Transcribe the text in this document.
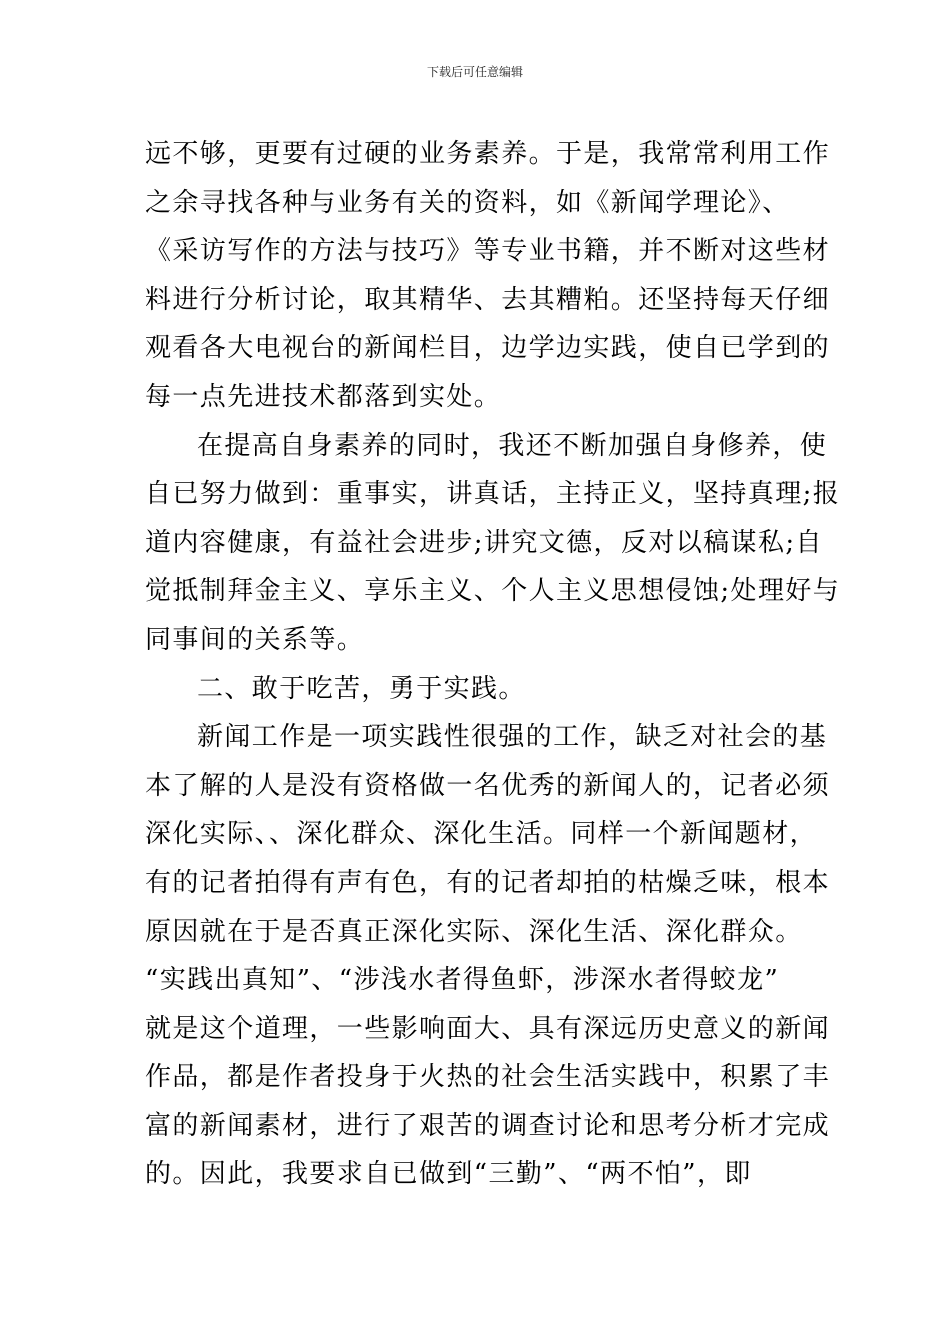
下载后可任意编辑
远不够，更要有过硬的业务素养。于是，我常常利用工作
之余寻找各种与业务有关的资料，如《新闻学理论》、
《采访写作的方法与技巧》等专业书籍，并不断对这些材
料进行分析讨论，取其精华、去其糟粕。还坚持每天仔细
观看各大电视台的新闻栏目，边学边实践，使自已学到的
每一点先进技术都落到实处。
在提高自身素养的同时，我还不断加强自身修养，使
自已努力做到：重事实，讲真话，主持正义，坚持真理;报
道内容健康，有益社会进步;讲究文德，反对以稿谋私;自
觉抵制拜金主义、享乐主义、个人主义思想侵蚀;处理好与
同事间的关系等。
二、敢于吃苦，勇于实践。
新闻工作是一项实践性很强的工作，缺乏对社会的基
本了解的人是没有资格做一名优秀的新闻人的，记者必须
深化实际、、深化群众、深化生活。同样一个新闻题材，
有的记者拍得有声有色，有的记者却拍的枯燥乏味，根本
原因就在于是否真正深化实际、深化生活、深化群众。
“实践出真知”、“涉浅水者得鱼虾，涉深水者得蛟龙”
就是这个道理，一些影响面大、具有深远历史意义的新闻
作品，都是作者投身于火热的社会生活实践中，积累了丰
富的新闻素材，进行了艰苦的调查讨论和思考分析才完成
的。因此，我要求自已做到“三勤”、“两不怕”，即
